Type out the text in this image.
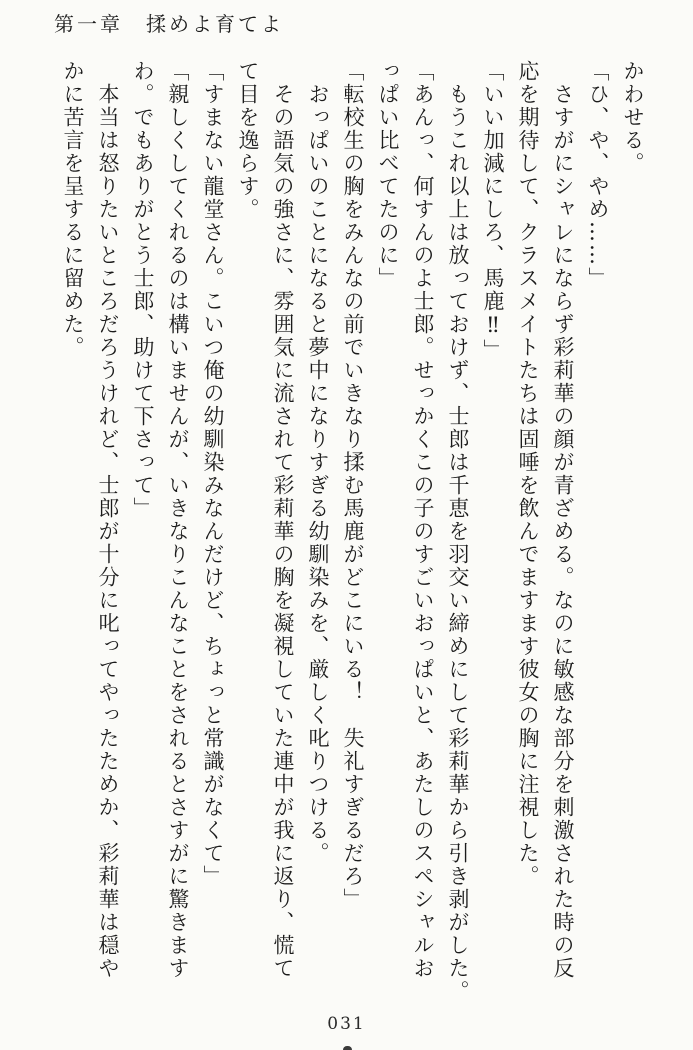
第一章　揉めよ育てよ

かわせる。

「ひ、や、やめ……」

　さすがにシャレにならず彩莉華の顔が青ざめる。なのに敏感な部分を刺激された時の反

応を期待して、クラスメイトたちは固唾を飲んでますます彼女の胸に注視した。

「いい加減にしろ、馬鹿‼」

　もうこれ以上は放っておけず、士郎は千恵を羽交い締めにして彩莉華から引き剥がした。

「あんっ、何すんのよ士郎。せっかくこの子のすごいおっぱいと、あたしのスペシャルお

っぱい比べてたのに」

「転校生の胸をみんなの前でいきなり揉む馬鹿がどこにいる！　失礼すぎるだろ」

　おっぱいのことになると夢中になりすぎる幼馴染みを、厳しく叱りつける。

　その語気の強さに、雰囲気に流されて彩莉華の胸を凝視していた連中が我に返り、慌て

て目を逸らす。

「すまない龍堂さん。こいつ俺の幼馴染みなんだけど、ちょっと常識がなくて」

「親しくしてくれるのは構いませんが、いきなりこんなことをされるとさすがに驚きます

わ。でもありがとう士郎、助けて下さって」

　本当は怒りたいところだろうけれど、士郎が十分に叱ってやったためか、彩莉華は穏や

かに苦言を呈するに留めた。

031
